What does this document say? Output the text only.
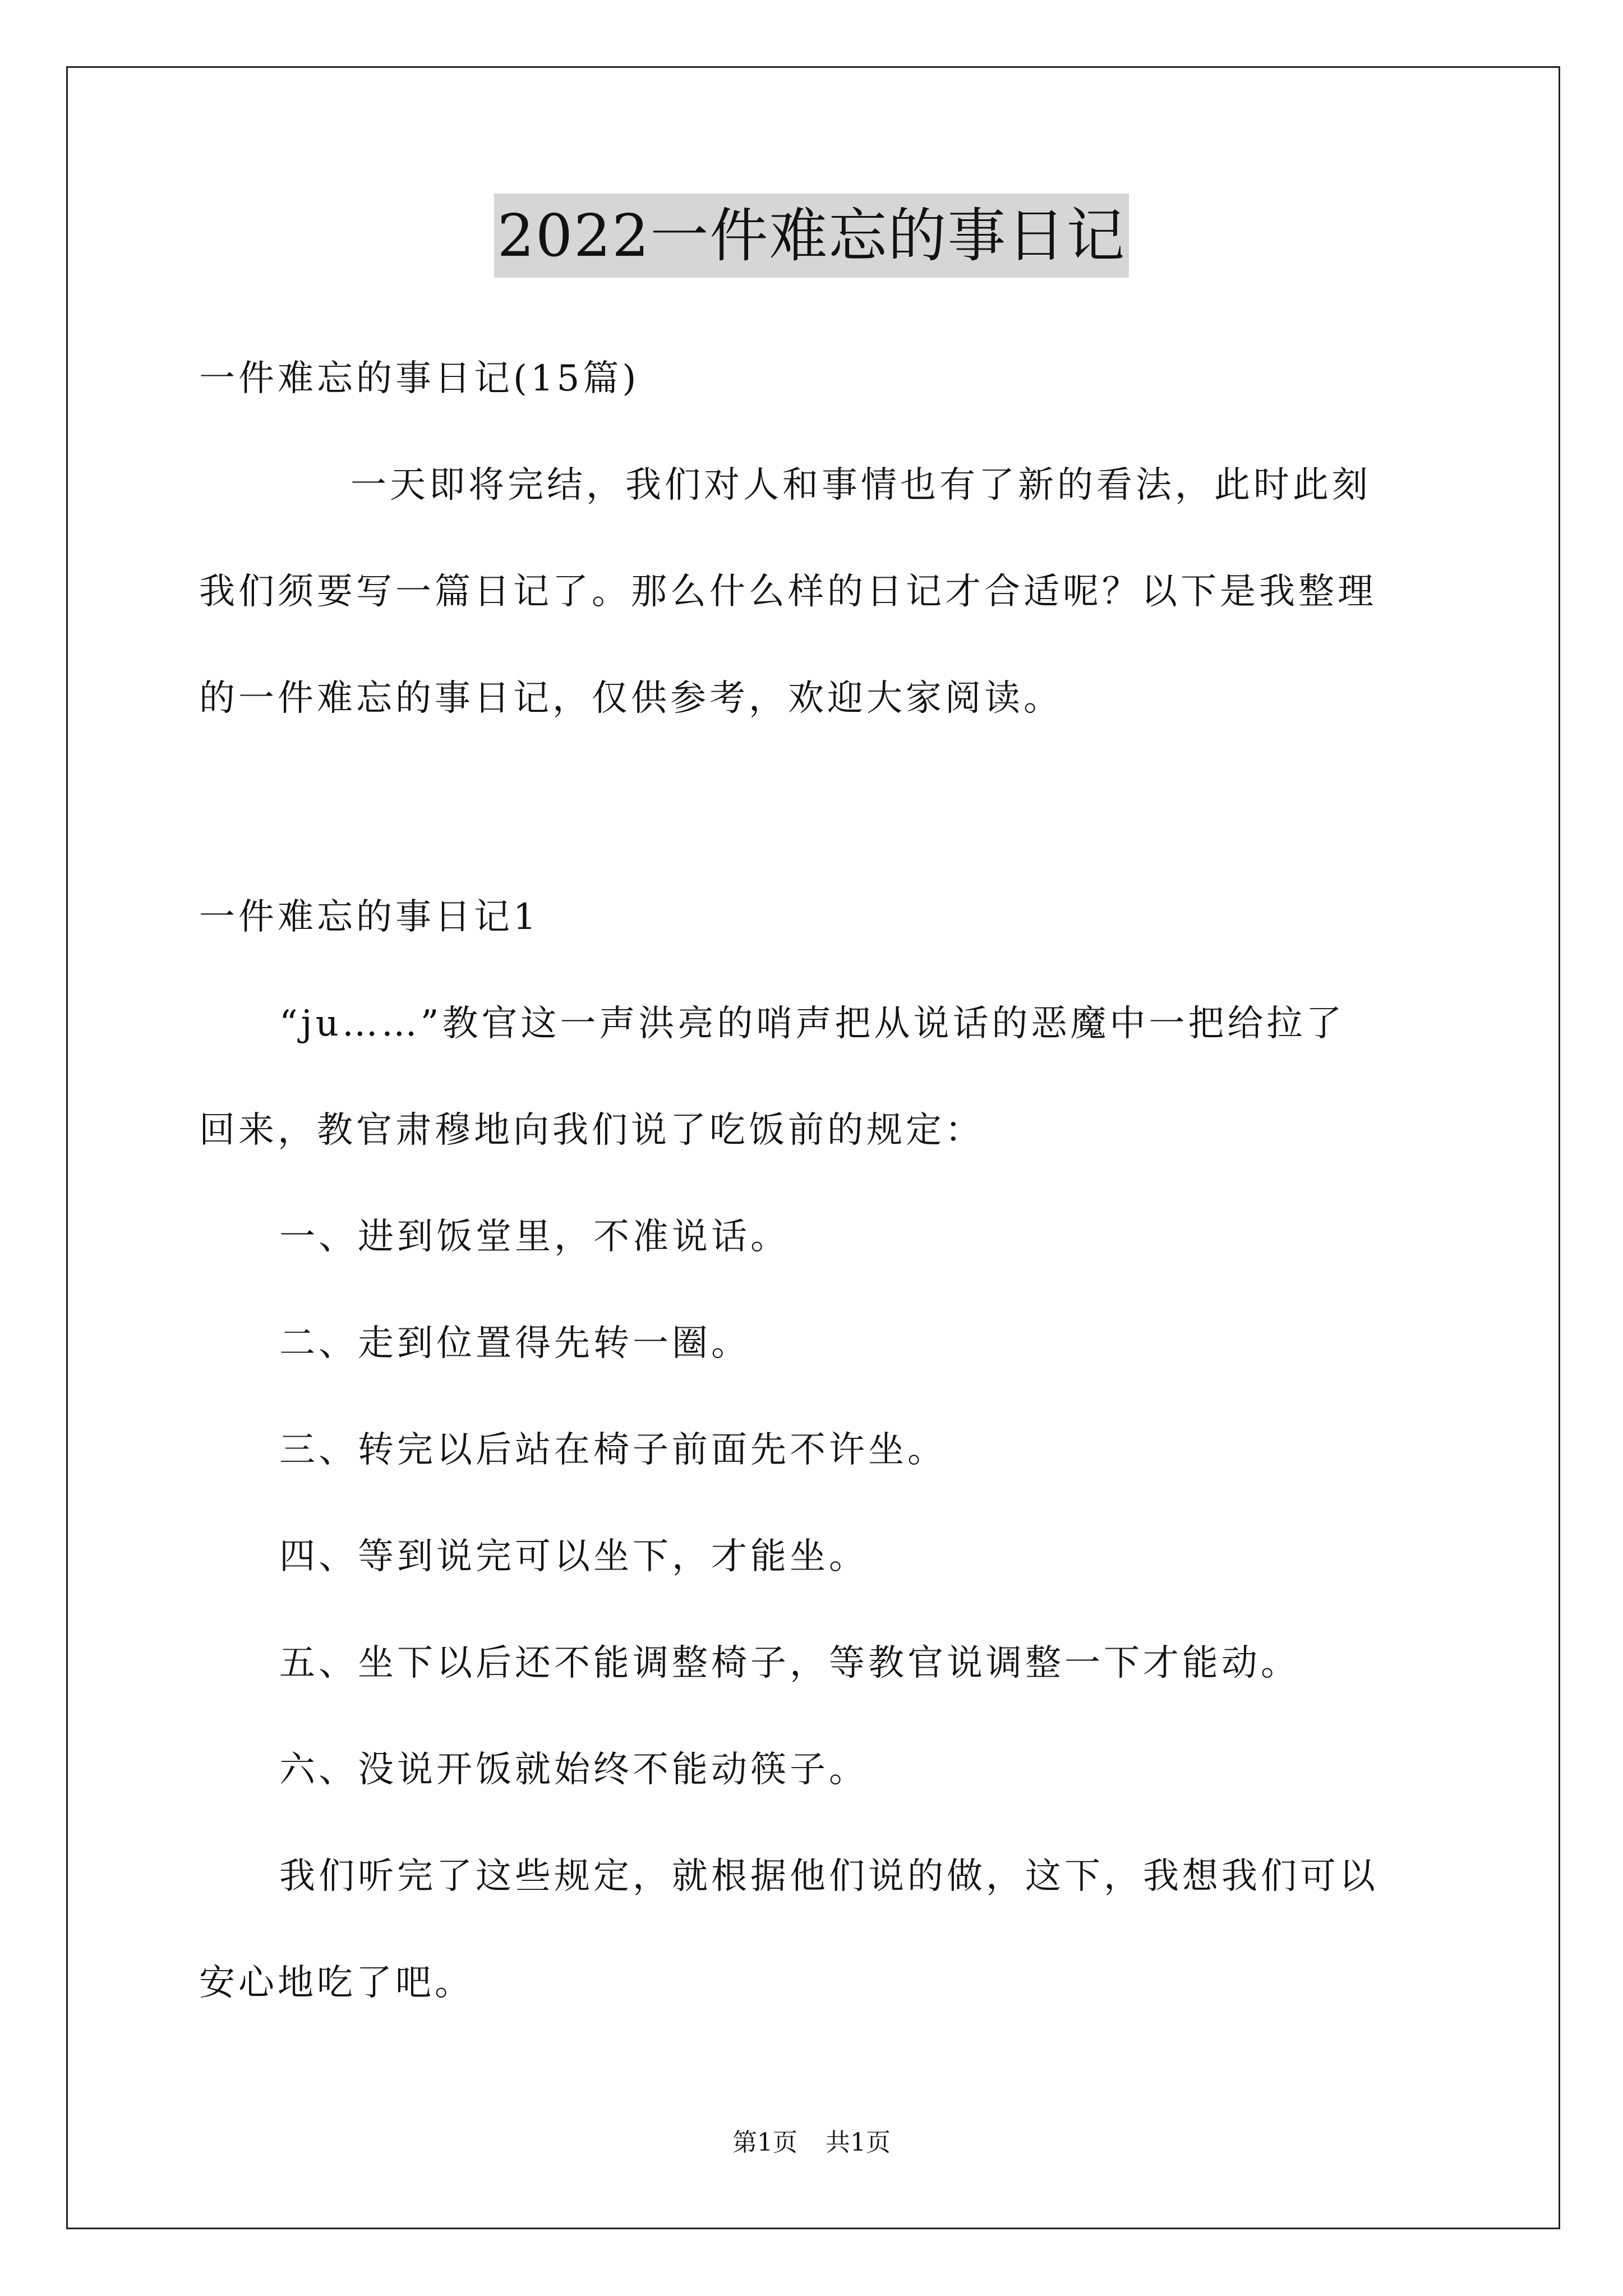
2022一件难忘的事日记
一件难忘的事日记(15篇)
一天即将完结，我们对人和事情也有了新的看法，此时此刻
我们须要写一篇日记了。那么什么样的日记才合适呢？以下是我整理
的一件难忘的事日记，仅供参考，欢迎大家阅读。
一件难忘的事日记1
“ju……”教官这一声洪亮的哨声把从说话的恶魔中一把给拉了
回来，教官肃穆地向我们说了吃饭前的规定：
一、进到饭堂里，不准说话。
二、走到位置得先转一圈。
三、转完以后站在椅子前面先不许坐。
四、等到说完可以坐下，才能坐。
五、坐下以后还不能调整椅子，等教官说调整一下才能动。
六、没说开饭就始终不能动筷子。
我们听完了这些规定，就根据他们说的做，这下，我想我们可以
安心地吃了吧。
第1页 共1页
